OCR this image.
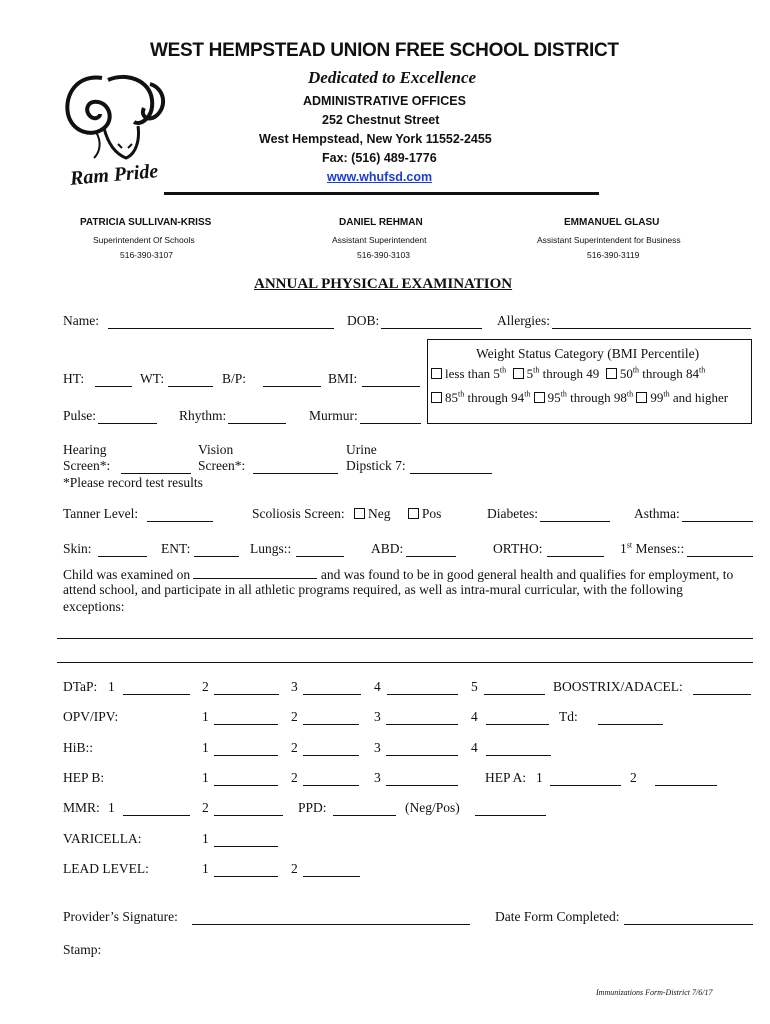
WEST HEMPSTEAD UNION FREE SCHOOL DISTRICT
Dedicated to Excellence
Ram Pride
ADMINISTRATIVE OFFICES
252 Chestnut Street
West Hempstead, New York 11552-2455
Fax: (516) 489-1776
www.whufsd.com
PATRICIA SULLIVAN-KRISS
Superintendent Of Schools
516-390-3107
DANIEL REHMAN
Assistant Superintendent
516-390-3103
EMMANUEL GLASU
Assistant Superintendent for Business
516-390-3119
ANNUAL PHYSICAL EXAMINATION
Name:	DOB:	Allergies:
Weight Status Category (BMI Percentile)
less than 5th 5th through 49 50th through 84th
85th through 94th 95th through 98th 99th and higher
HT:	WT:	B/P:	BMI:
Pulse:	Rhythm:	Murmur:
Hearing
Screen*:
Vision
Screen*:
Urine
Dipstick 7:
*Please record test results
Tanner Level:	Scoliosis Screen: Neg Pos	Diabetes:	Asthma:
Skin:	ENT:	Lungs::	ABD:	ORTHO:	1st Menses::
Child was examined on	and was found to be in good general health and qualifies for employment, to
attend school, and participate in all athletic programs required, as well as intra-mural curricular, with the following
exceptions:
DTaP: 1	2	3	4	5	BOOSTRIX/ADACEL:
OPV/IPV:	1	2	3	4	Td:
HiB::	1	2	3	4
HEP B:	1	2	3	HEP A: 1	2
MMR: 1	2	PPD:	(Neg/Pos)
VARICELLA:	1
LEAD LEVEL:	1	2
Provider’s Signature:	Date Form Completed:
Stamp:
Immunizations Form-District 7/6/17
